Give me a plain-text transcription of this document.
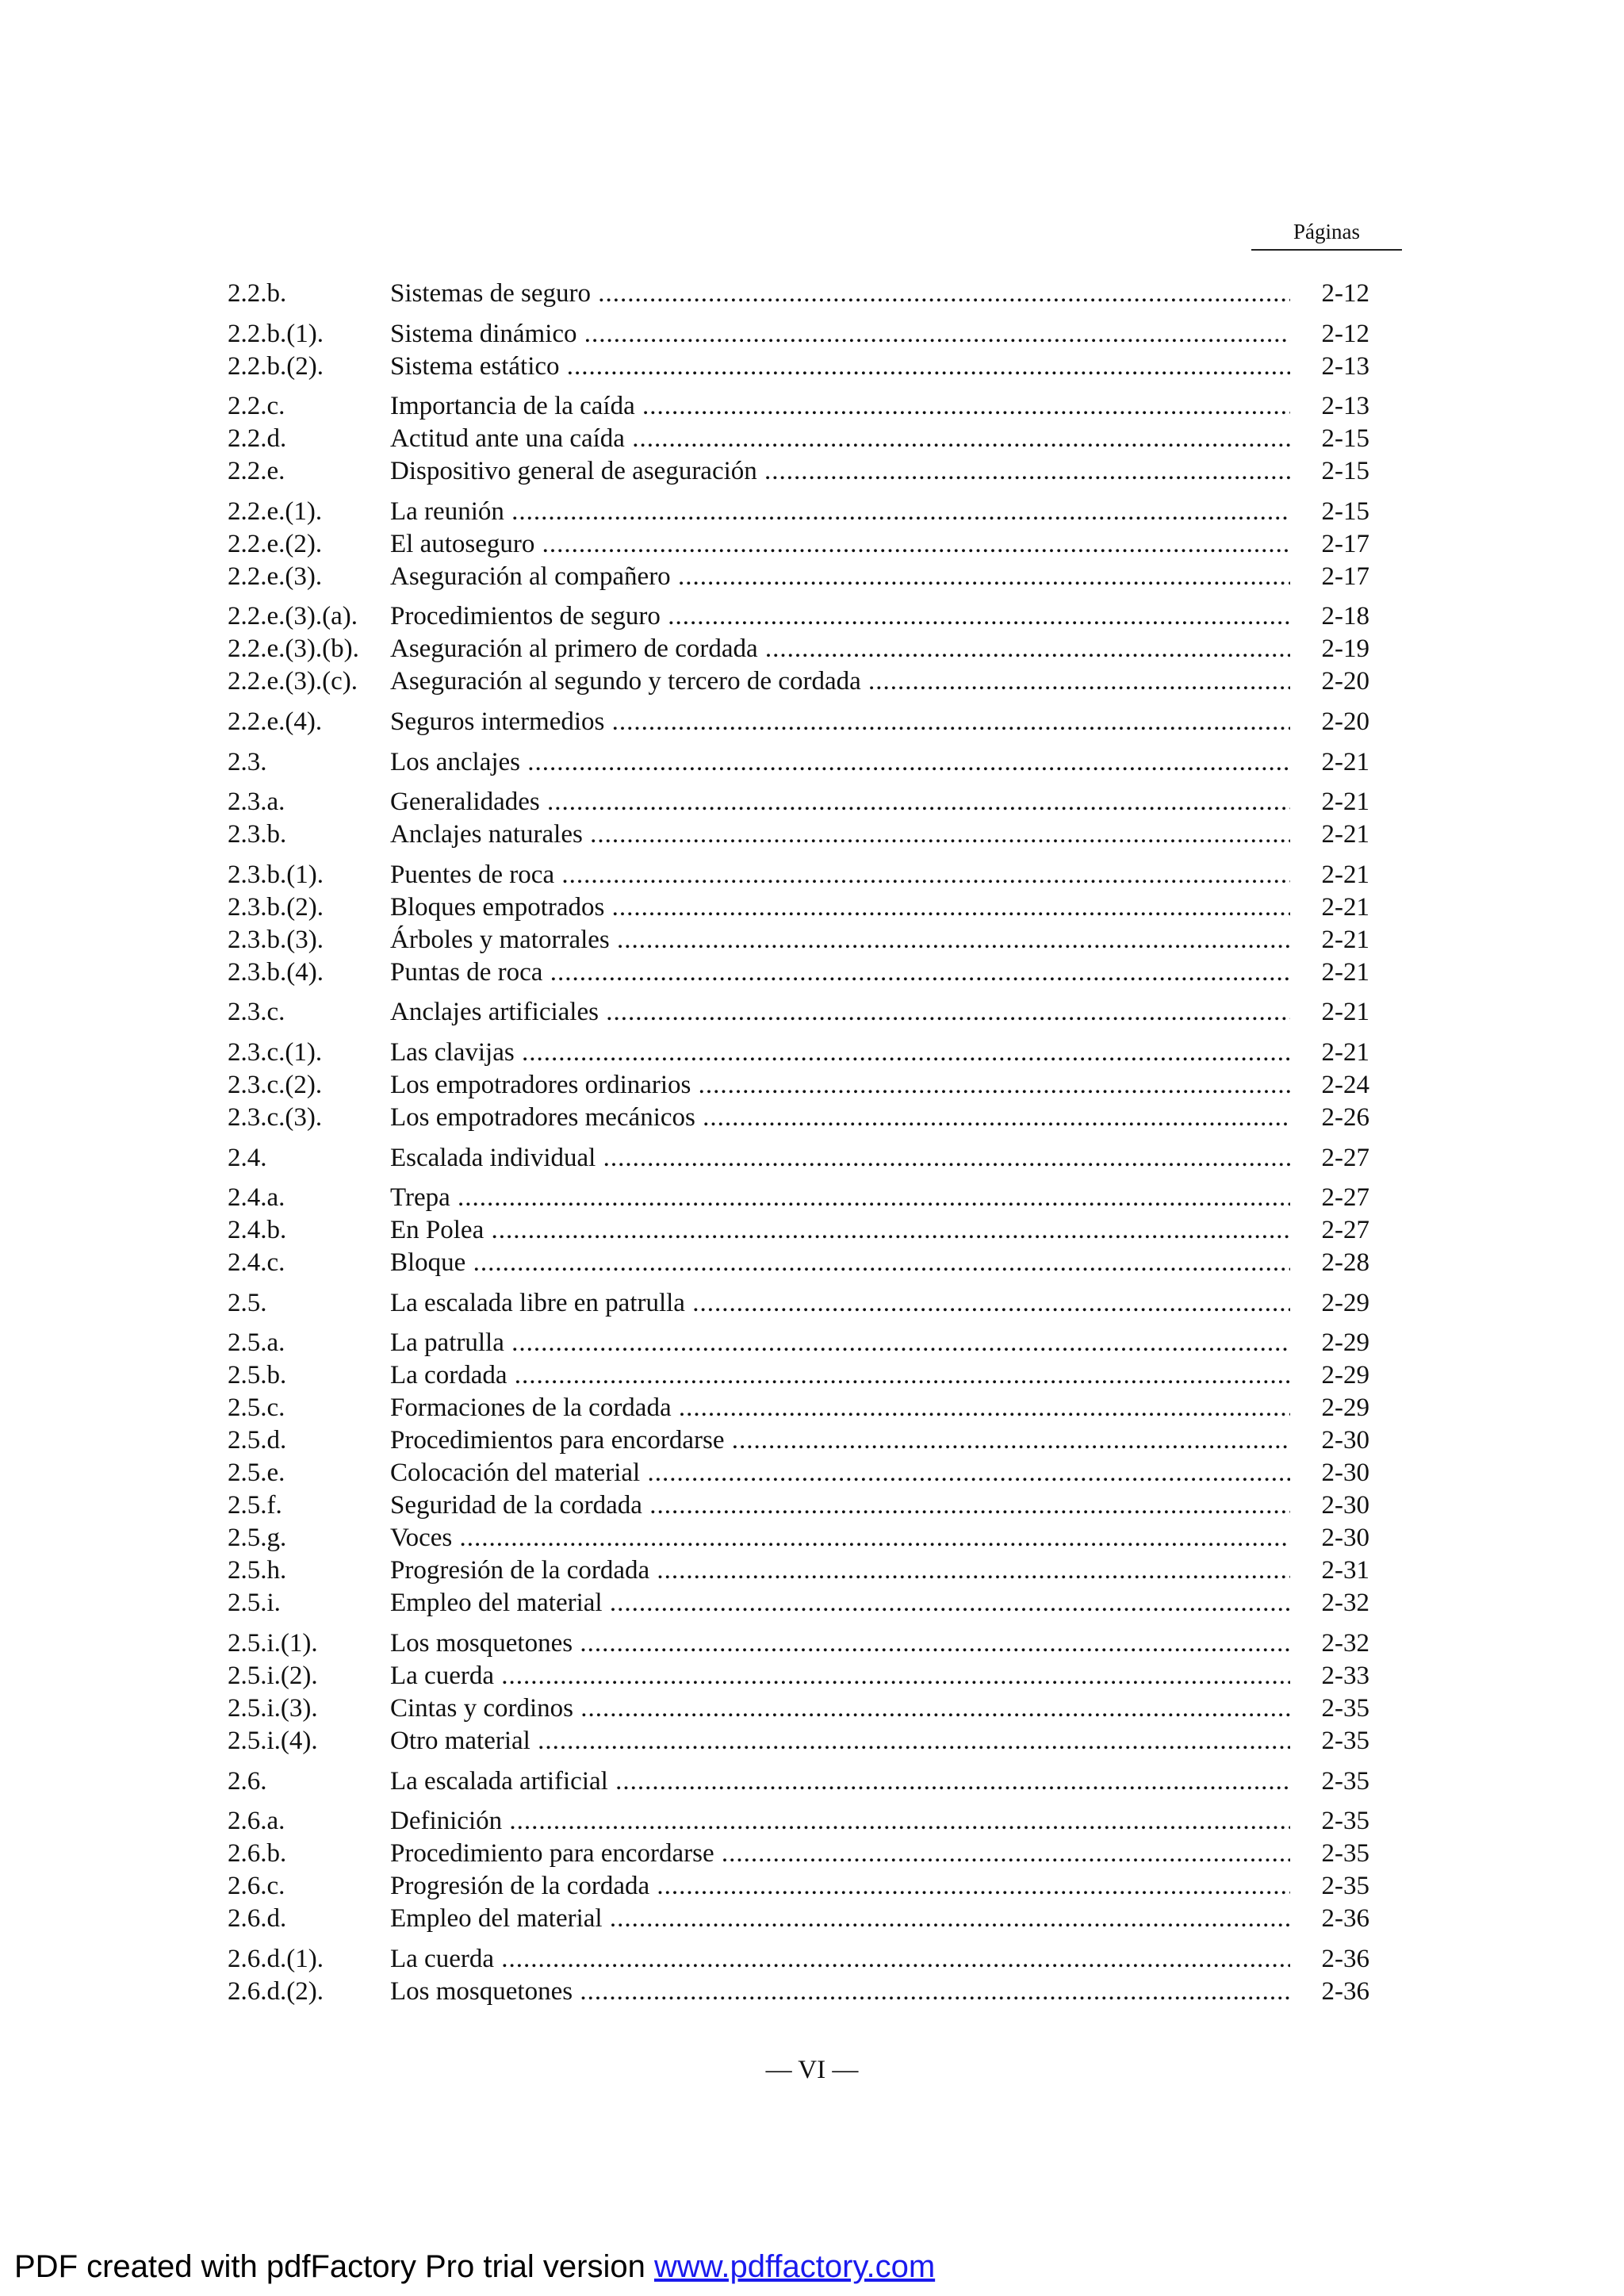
Páginas
2.2.b.	Sistemas de seguro .....	2-12
2.2.b.(1).	Sistema dinámico .....	2-12
2.2.b.(2).	Sistema estático .....	2-13
2.2.c.	Importancia de la caída .....	2-13
2.2.d.	Actitud ante una caída .....	2-15
2.2.e.	Dispositivo general de aseguración .....	2-15
2.2.e.(1).	La reunión .....	2-15
2.2.e.(2).	El autoseguro .....	2-17
2.2.e.(3).	Aseguración al compañero .....	2-17
2.2.e.(3).(a). Procedimientos de seguro .....	2-18
2.2.e.(3).(b). Aseguración al primero de cordada .....	2-19
2.2.e.(3).(c). Aseguración al segundo y tercero de cordada .....	2-20
2.2.e.(4).	Seguros intermedios .....	2-20
2.3.	Los anclajes .....	2-21
2.3.a.	Generalidades .....	2-21
2.3.b.	Anclajes naturales .....	2-21
2.3.b.(1).	Puentes de roca .....	2-21
2.3.b.(2).	Bloques empotrados .....	2-21
2.3.b.(3).	Árboles y matorrales .....	2-21
2.3.b.(4).	Puntas de roca .....	2-21
2.3.c.	Anclajes artificiales .....	2-21
2.3.c.(1).	Las clavijas .....	2-21
2.3.c.(2).	Los empotradores ordinarios .....	2-24
2.3.c.(3).	Los empotradores mecánicos .....	2-26
2.4.	Escalada individual .....	2-27
2.4.a.	Trepa .....	2-27
2.4.b.	En Polea .....	2-27
2.4.c.	Bloque .....	2-28
2.5.	La escalada libre en patrulla .....	2-29
2.5.a.	La patrulla .....	2-29
2.5.b.	La cordada .....	2-29
2.5.c.	Formaciones de la cordada .....	2-29
2.5.d.	Procedimientos para encordarse .....	2-30
2.5.e.	Colocación del material .....	2-30
2.5.f.	Seguridad de la cordada .....	2-30
2.5.g.	Voces .....	2-30
2.5.h.	Progresión de la cordada .....	2-31
2.5.i.	Empleo del material .....	2-32
2.5.i.(1).	Los mosquetones .....	2-32
2.5.i.(2).	La cuerda .....	2-33
2.5.i.(3).	Cintas y cordinos .....	2-35
2.5.i.(4).	Otro material .....	2-35
2.6.	La escalada artificial .....	2-35
2.6.a.	Definición .....	2-35
2.6.b.	Procedimiento para encordarse .....	2-35
2.6.c.	Progresión de la cordada .....	2-35
2.6.d.	Empleo del material .....	2-36
2.6.d.(1).	La cuerda .....	2-36
2.6.d.(2).	Los mosquetones .....	2-36
— VI —
PDF created with pdfFactory Pro trial version www.pdffactory.com
